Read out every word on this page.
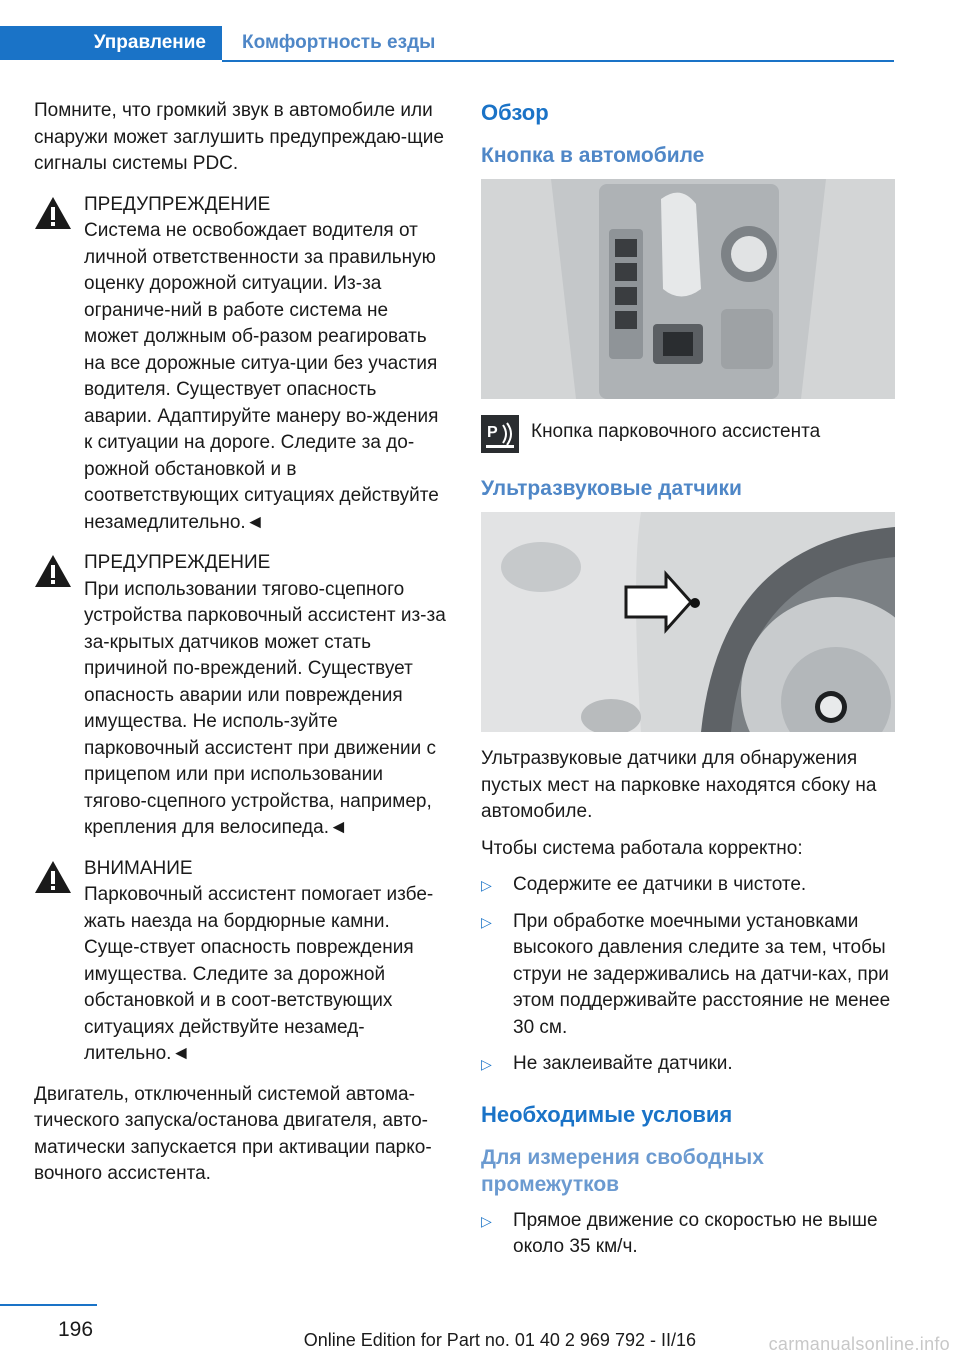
Управление	Комфортность езды

Помните, что громкий звук в автомобиле или снаружи может заглушить предупреждаю-щие сигналы системы PDC.

ПРЕДУПРЕЖДЕНИЕ
Система не освобождает водителя от личной ответственности за правильную оценку дорожной ситуации. Из-за ограниче-ний в работе система не может должным об-разом реагировать на все дорожные ситуа-ции без участия водителя. Существует опасность аварии. Адаптируйте манеру во-ждения к ситуации на дороге. Следите за до-рожной обстановкой и в соответствующих ситуациях действуйте незамедлительно.◄
ПРЕДУПРЕЖДЕНИЕ
При использовании тягово-сцепного устройства парковочный ассистент из-за за-крытых датчиков может стать причиной по-вреждений. Существует опасность аварии или повреждения имущества. Не исполь-зуйте парковочный ассистент при движении с прицепом или при использовании тягово-сцепного устройства, например, крепления для велосипеда.◄
ВНИМАНИЕ
Парковочный ассистент помогает избе-жать наезда на бордюрные камни. Суще-ствует опасность повреждения имущества. Следите за дорожной обстановкой и в соот-ветствующих ситуациях действуйте незамед-лительно.◄

Двигатель, отключенный системой автома-тического запуска/останова двигателя, авто-матически запускается при активации парко-вочного ассистента.

Обзор
Кнопка в автомобиле
P Кнопка парковочного ассистента
Ультразвуковые датчики

Ультразвуковые датчики для обнаружения пустых мест на парковке находятся сбоку на автомобиле.

Чтобы система работала корректно:

▷ Содержите ее датчики в чистоте.
▷ При обработке моечными установками высокого давления следите за тем, чтобы струи не задерживались на датчи-ках, при этом поддерживайте расстояние не менее 30 см.
▷ Не заклеивайте датчики.
Необходимые условия
Для измерения свободных промежутков
▷ Прямое движение со скоростью не выше около 35 км/ч.
196	Online Edition for Part no. 01 40 2 969 792 - II/16	carmanualsonline.info
